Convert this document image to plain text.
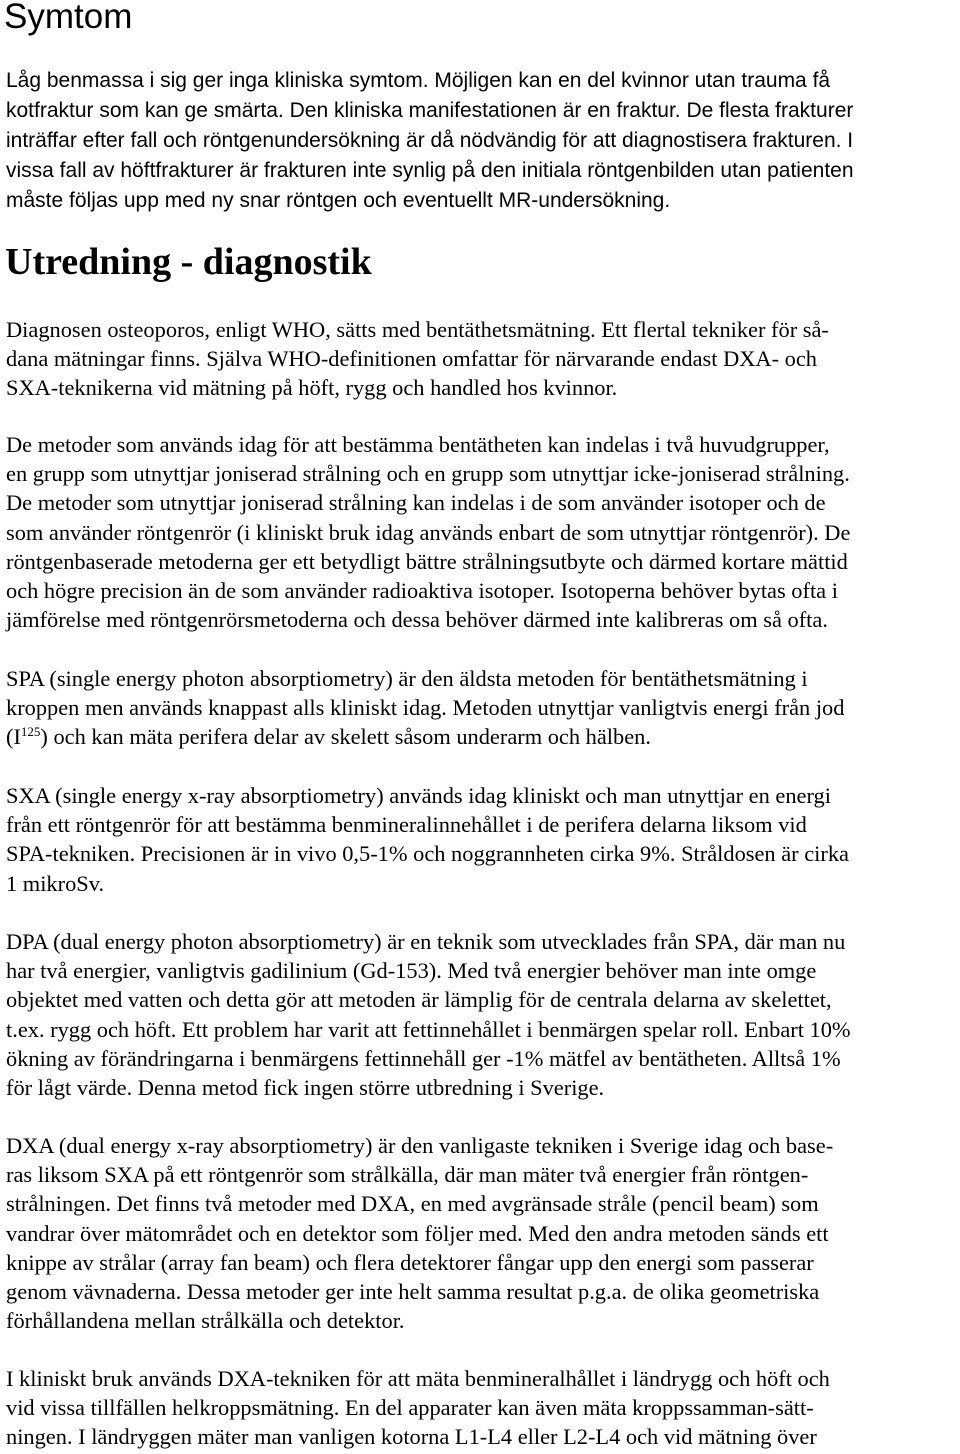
Symtom

Låg benmassa i sig ger inga kliniska symtom. Möjligen kan en del kvinnor utan trauma få
kotfraktur som kan ge smärta. Den kliniska manifestationen är en fraktur. De flesta frakturer
inträffar efter fall och röntgenundersökning är då nödvändig för att diagnostisera frakturen. I
vissa fall av höftfrakturer är frakturen inte synlig på den initiala röntgenbilden utan patienten
måste följas upp med ny snar röntgen och eventuellt MR-undersökning.

Utredning - diagnostik

Diagnosen osteoporos, enligt WHO, sätts med bentäthetsmätning. Ett flertal tekniker för så-
dana mätningar finns. Själva WHO-definitionen omfattar för närvarande endast DXA- och
SXA-teknikerna vid mätning på höft, rygg och handled hos kvinnor.

De metoder som används idag för att bestämma bentätheten kan indelas i två huvudgrupper,
en grupp som utnyttjar joniserad strålning och en grupp som utnyttjar icke-joniserad strålning.
De metoder som utnyttjar joniserad strålning kan indelas i de som använder isotoper och de
som använder röntgenrör (i kliniskt bruk idag används enbart de som utnyttjar röntgenrör). De
röntgenbaserade metoderna ger ett betydligt bättre strålningsutbyte och därmed kortare mättid
och högre precision än de som använder radioaktiva isotoper. Isotoperna behöver bytas ofta i
jämförelse med röntgenrörsmetoderna och dessa behöver därmed inte kalibreras om så ofta.

SPA (single energy photon absorptiometry) är den äldsta metoden för bentäthetsmätning i
kroppen men används knappast alls kliniskt idag. Metoden utnyttjar vanligtvis energi från jod
$(I^{125})$ och kan mäta perifera delar av skelett såsom underarm och hälben.

SXA (single energy x-ray absorptiometry) används idag kliniskt och man utnyttjar en energi
från ett röntgenrör för att bestämma benmineralinnehållet i de perifera delarna liksom vid
SPA-tekniken. Precisionen är in vivo 0,5-1% och noggrannheten cirka 9%. Stråldosen är cirka
1 mikroSv.

DPA (dual energy photon absorptiometry) är en teknik som utvecklades från SPA, där man nu
har två energier, vanligtvis gadilinium (Gd-153). Med två energier behöver man inte omge
objektet med vatten och detta gör att metoden är lämplig för de centrala delarna av skelettet,
t.ex. rygg och höft. Ett problem har varit att fettinnehållet i benmärgen spelar roll. Enbart 10%
ökning av förändringarna i benmärgens fettinnehåll ger -1% mätfel av bentätheten. Alltså 1%
för lågt värde. Denna metod fick ingen större utbredning i Sverige.

DXA (dual energy x-ray absorptiometry) är den vanligaste tekniken i Sverige idag och base-
ras liksom SXA på ett röntgenrör som strålkälla, där man mäter två energier från röntgen-
strålningen. Det finns två metoder med DXA, en med avgränsade stråle (pencil beam) som
vandrar över mätområdet och en detektor som följer med. Med den andra metoden sänds ett
knippe av strålar (array fan beam) och flera detektorer fångar upp den energi som passerar
genom vävnaderna. Dessa metoder ger inte helt samma resultat p.g.a. de olika geometriska
förhållandena mellan strålkälla och detektor.

I kliniskt bruk används DXA-tekniken för att mäta benmineralhållet i ländrygg och höft och
vid vissa tillfällen helkroppsmätning. En del apparater kan även mäta kroppssamman-sätt-
ningen. I ländryggen mäter man vanligen kotorna L1-L4 eller L2-L4 och vid mätning över
